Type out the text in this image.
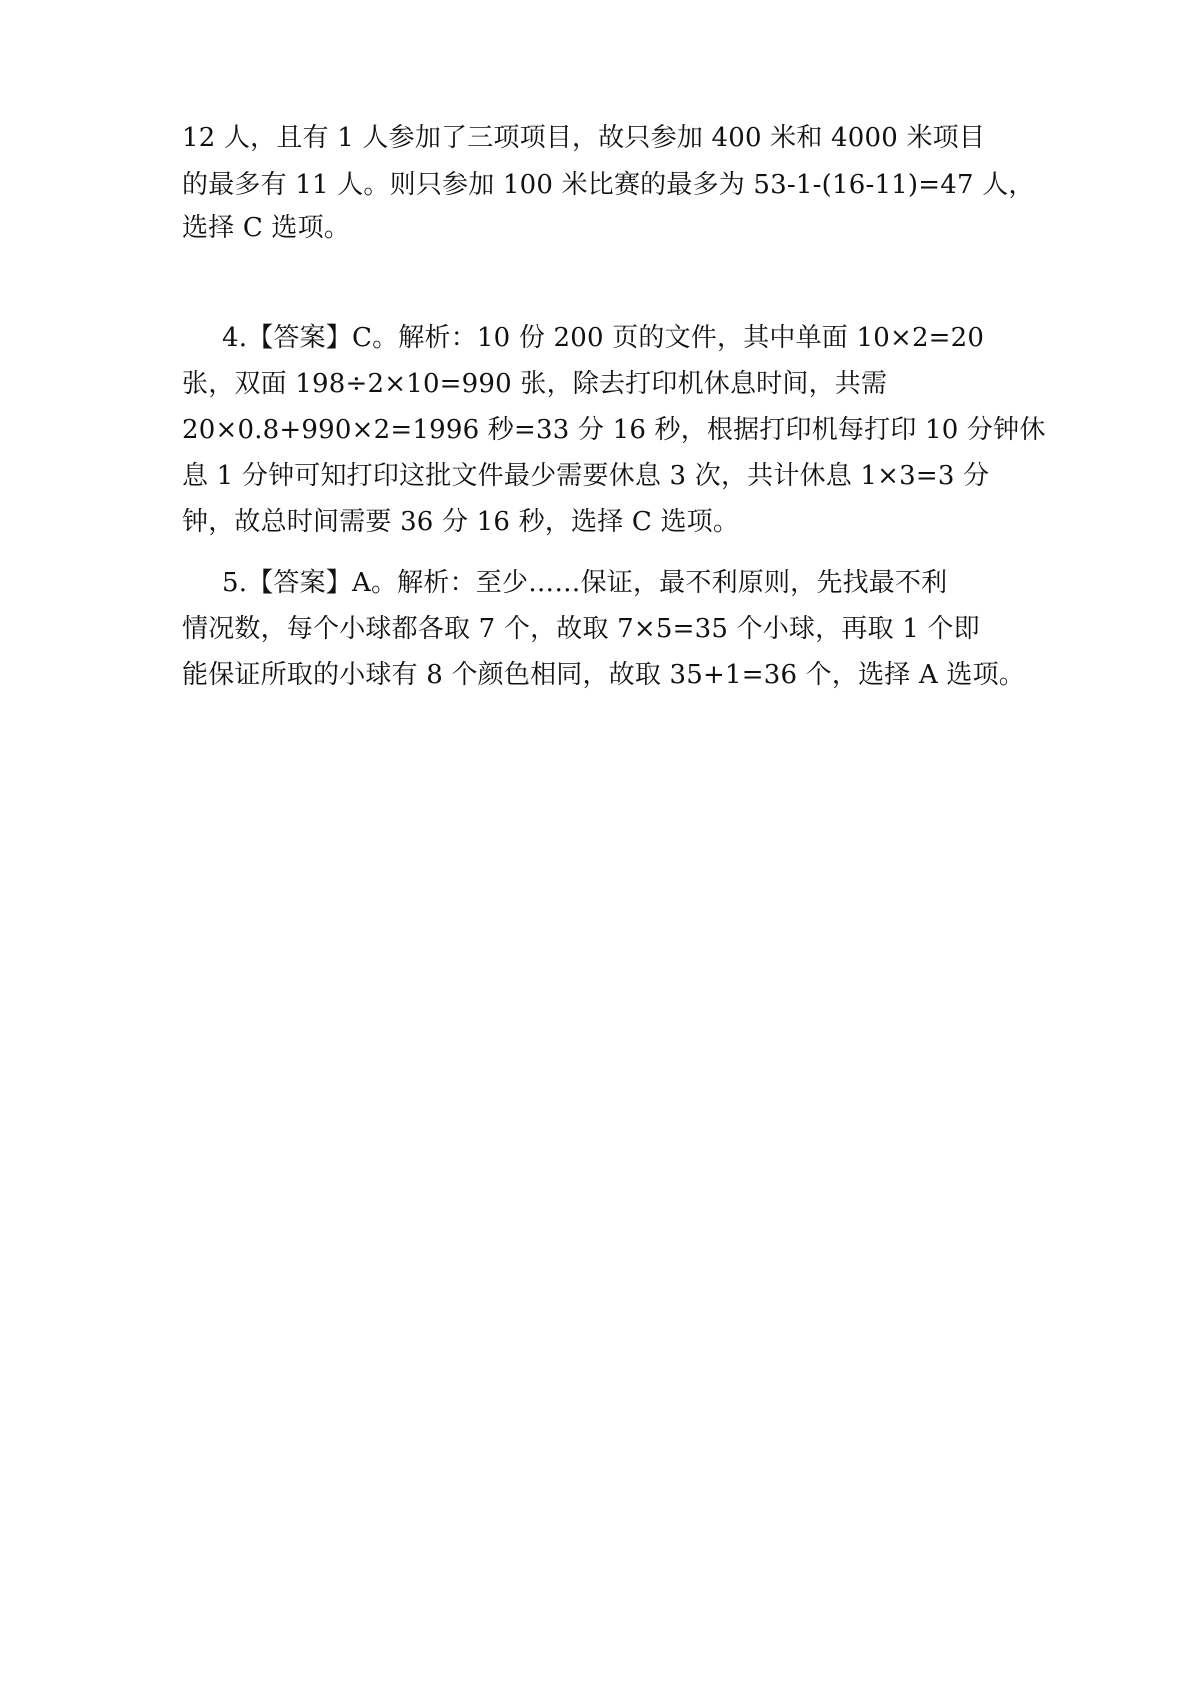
12 人，且有 1 人参加了三项项目，故只参加 400 米和 4000 米项目
的最多有 11 人。则只参加 100 米比赛的最多为 53-1-(16-11)=47 人，
选择 C 选项。
4.【答案】C。解析：10 份 200 页的文件，其中单面 10×2=20
张，双面 198÷2×10=990 张，除去打印机休息时间，共需
20×0.8+990×2=1996 秒=33 分 16 秒，根据打印机每打印 10 分钟休
息 1 分钟可知打印这批文件最少需要休息 3 次，共计休息 1×3=3 分
钟，故总时间需要 36 分 16 秒，选择 C 选项。
5.【答案】A。解析：至少……保证，最不利原则，先找最不利
情况数，每个小球都各取 7 个，故取 7×5=35 个小球，再取 1 个即
能保证所取的小球有 8 个颜色相同，故取 35+1=36 个，选择 A 选项。
